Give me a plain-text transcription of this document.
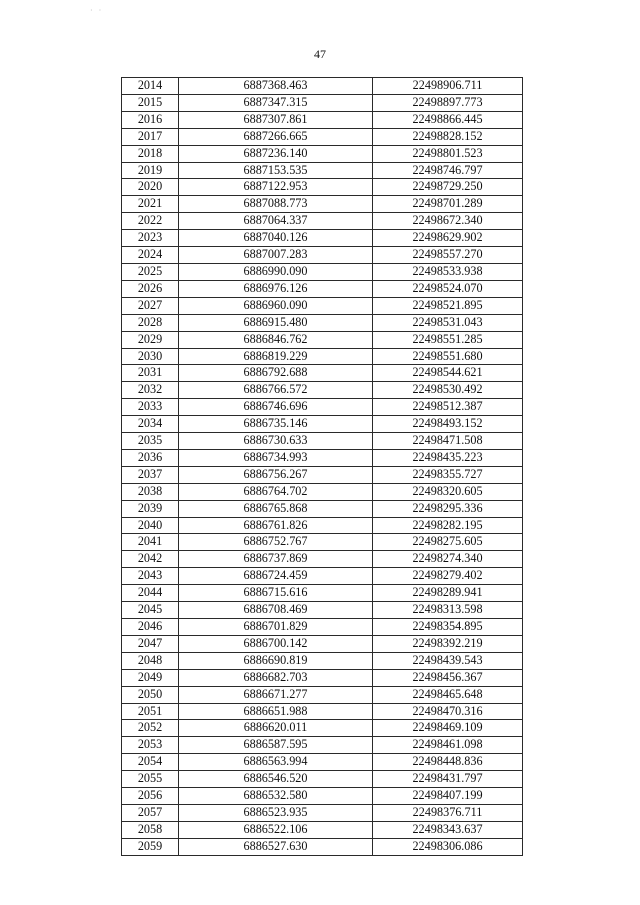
· ·
47
2014	6887368.463	22498906.711
2015	6887347.315	22498897.773
2016	6887307.861	22498866.445
2017	6887266.665	22498828.152
2018	6887236.140	22498801.523
2019	6887153.535	22498746.797
2020	6887122.953	22498729.250
2021	6887088.773	22498701.289
2022	6887064.337	22498672.340
2023	6887040.126	22498629.902
2024	6887007.283	22498557.270
2025	6886990.090	22498533.938
2026	6886976.126	22498524.070
2027	6886960.090	22498521.895
2028	6886915.480	22498531.043
2029	6886846.762	22498551.285
2030	6886819.229	22498551.680
2031	6886792.688	22498544.621
2032	6886766.572	22498530.492
2033	6886746.696	22498512.387
2034	6886735.146	22498493.152
2035	6886730.633	22498471.508
2036	6886734.993	22498435.223
2037	6886756.267	22498355.727
2038	6886764.702	22498320.605
2039	6886765.868	22498295.336
2040	6886761.826	22498282.195
2041	6886752.767	22498275.605
2042	6886737.869	22498274.340
2043	6886724.459	22498279.402
2044	6886715.616	22498289.941
2045	6886708.469	22498313.598
2046	6886701.829	22498354.895
2047	6886700.142	22498392.219
2048	6886690.819	22498439.543
2049	6886682.703	22498456.367
2050	6886671.277	22498465.648
2051	6886651.988	22498470.316
2052	6886620.011	22498469.109
2053	6886587.595	22498461.098
2054	6886563.994	22498448.836
2055	6886546.520	22498431.797
2056	6886532.580	22498407.199
2057	6886523.935	22498376.711
2058	6886522.106	22498343.637
2059	6886527.630	22498306.086
